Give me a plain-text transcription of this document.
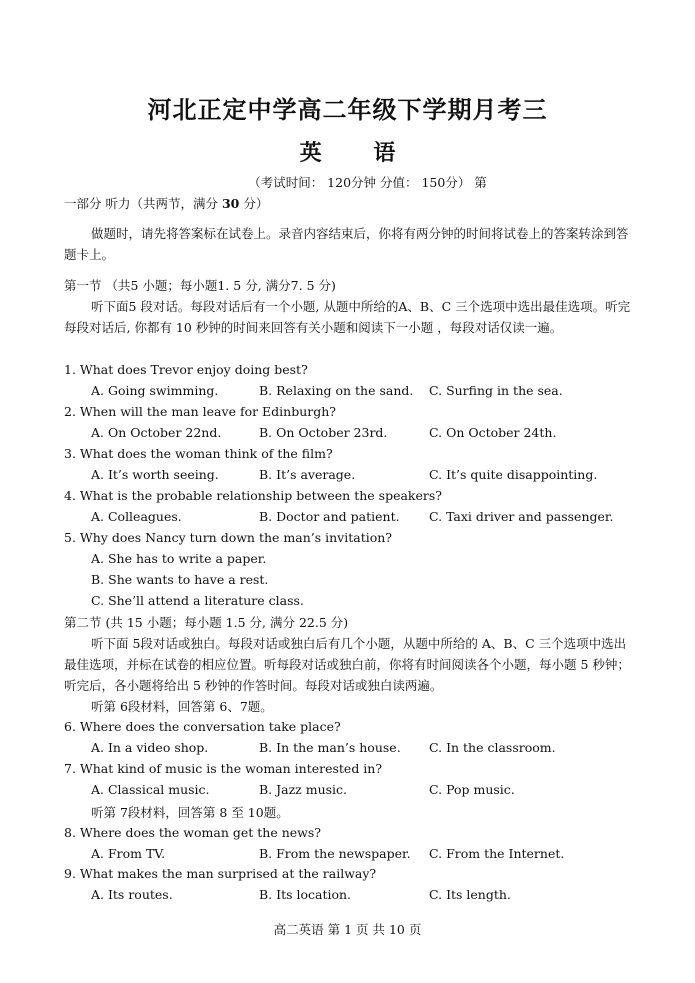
河北正定中学高二年级下学期月考三
英 语
（考试时间： 120分钟 分值： 150分） 第
一部分 听力（共两节，满分 30 分）
做题时，请先将答案标在试卷上。录音内容结束后，你将有两分钟的时间将试卷上的答案转涂到答题卡上。
第一节 （共5 小题；每小题1. 5 分, 满分7. 5 分)
听下面5 段对话。每段对话后有一个小题, 从题中所给的A、B、C 三个选项中选出最佳选项。听完每段对话后, 你都有 10 秒钟的时间来回答有关小题和阅读下一小题 ，每段对话仅读一遍。
1. What does Trevor enjoy doing best?
A. Going swimming.	B. Relaxing on the sand. C. Surfing in the sea.
2. When will the man leave for Edinburgh?
A. On October 22nd.	B. On October 23rd.	C. On October 24th.
3. What does the woman think of the film?
A. It’s worth seeing.	B. It’s average.	C. It’s quite disappointing.
4. What is the probable relationship between the speakers?
A. Colleagues.	B. Doctor and patient. C. Taxi driver and passenger.
5. Why does Nancy turn down the man’s invitation?
A. She has to write a paper.
B. She wants to have a rest.
C. She’ll attend a literature class.
第二节 (共 15 小题；每小题 1.5 分, 满分 22.5 分)
听下面 5段对话或独白。每段对话或独白后有几个小题，从题中所给的 A、B、C 三个选项中选出最佳选项，并标在试卷的相应位置。听每段对话或独白前，你将有时间阅读各个小题，每小题 5 秒钟；听完后，各小题将给出 5 秒钟的作答时间。每段对话或独白读两遍。
听第 6段材料，回答第 6、7题。
6. Where does the conversation take place?
A. In a video shop.	B. In the man’s house. C. In the classroom.
7. What kind of music is the woman interested in?
A. Classical music.	B. Jazz music.	C. Pop music.
听第 7段材料，回答第 8 至 10题。
8. Where does the woman get the news?
A. From TV.	B. From the newspaper. C. From the Internet.
9. What makes the man surprised at the railway?
A. Its routes.	B. Its location.	C. Its length.
高二英语 第 1 页 共 10 页
